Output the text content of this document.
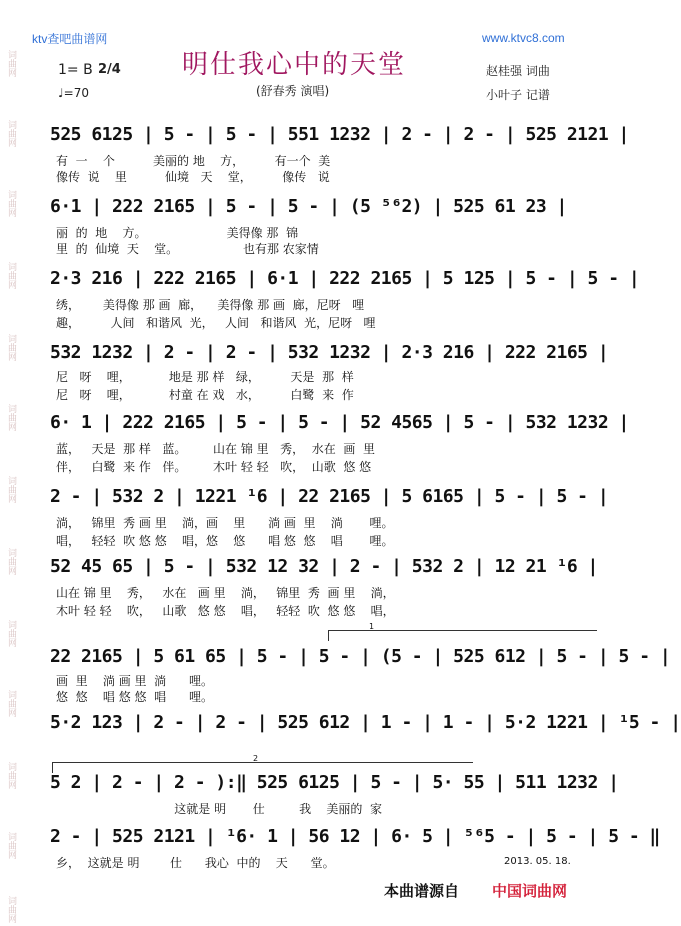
词曲网
词曲网
词曲网
词曲网
词曲网
词曲网
词曲网
词曲网
词曲网
词曲网
词曲网
词曲网
词曲网
ktv查吧曲谱网	www.ktvc8.com
明仕我心中的天堂
1= B 2/4
♩=70	(舒春秀 演唱)
赵桂强 词曲
小叶子 记谱
525 6125 | 5 - | 5 - | 551 1232 | 2 - | 2 - | 525 2121 |
有  一    个          美丽的 地    方，        有一个  美
像传  说    里          仙境   天    堂，        像传   说
6·1 | 222 2165 | 5 - | 5 - | (5 ⁵⁶2) | 525 61 23 |
丽  的  地    方。                     美得像 那  锦
里  的  仙境  天    堂。                 也有那 农家情
2·3 216 | 222 2165 | 6·1 | 222 2165 | 5 125 | 5 - | 5 - |
绣，      美得像 那 画  廊，    美得像 那 画  廊，尼呀   哩
趣，        人间   和谐风  光，   人间   和谐风  光，尼呀   哩
532 1232 | 2 - | 2 - | 532 1232 | 2·3 216 | 222 2165 |
尼   呀    哩，          地是 那 样   绿，        天是  那  样
尼   呀    哩，          村童 在 戏   水，        白鹭  来  作
6· 1 | 222 2165 | 5 - | 5 - | 52 4565 | 5 - | 532 1232 |
蓝，   天是  那 样   蓝。       山在 锦 里   秀，  水在  画  里
伴，   白鹭  来 作   伴。       木叶 轻 轻   吹，  山歌  悠 悠
2 - | 532 2 | 1221 ¹6 | 22 2165 | 5 6165 | 5 - | 5 - |
淌，   锦里  秀 画 里    淌，画    里      淌 画  里    淌       哩。
唱，   轻轻  吹 悠 悠    唱，悠    悠      唱 悠  悠    唱       哩。
52 45 65 | 5 - | 532 12 32 | 2 - | 532 2 | 12 21 ¹6 |
山在 锦 里    秀，   水在   画 里    淌，   锦里  秀  画 里    淌，
木叶 轻 轻    吹，   山歌   悠 悠    唱，   轻轻  吹  悠 悠    唱，
1
22 2165 | 5 61 65 | 5 - | 5 - | (5 - | 525 612 | 5 - | 5 - |
画  里    淌 画 里  淌      哩。
悠  悠    唱 悠 悠  唱      哩。
5·2 123 | 2 - | 2 - | 525 612 | 1 - | 1 - | 5·2 1221 | ¹5 - |
2
5 2 | 2 - | 2 - ):‖ 525 6125 | 5 - | 5· 55 | 511 1232 |
这就是 明       仕         我    美丽的  家
2 - | 525 2121 | ¹6· 1 | 56 12 | 6· 5 | ⁵⁶5 - | 5 - | 5 - ‖
乡，  这就是 明        仕      我心  中的    天      堂。	2013. 05. 18.
本曲谱源自 中国词曲网
